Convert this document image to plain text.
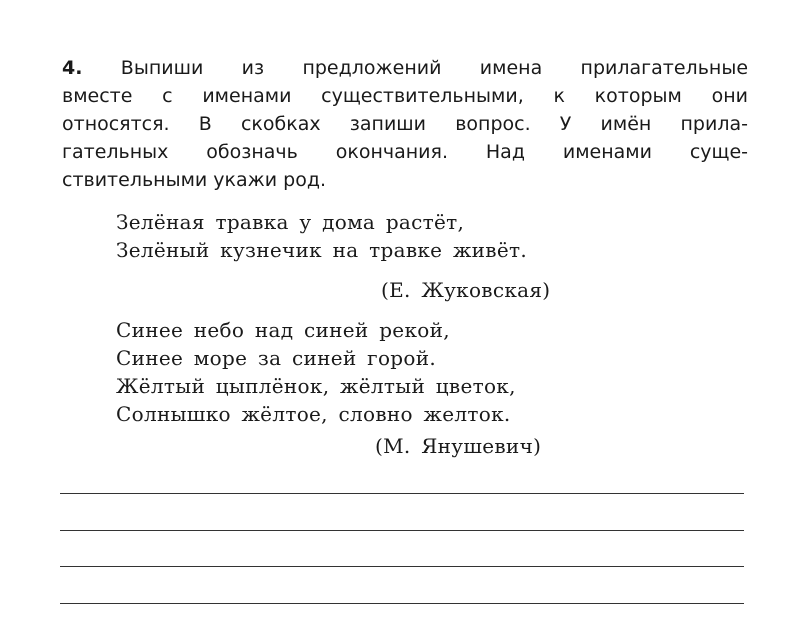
4. Выпиши из предложений имена прилагательные
вместе с именами существительными, к которым они
относятся. В скобках запиши вопрос. У имён прила-
гательных обозначь окончания. Над именами суще-
ствительными укажи род.
Зелёная травка у дома растёт,
Зелёный кузнечик на травке живёт.
(Е. Жуковская)
Синее небо над синей рекой,
Синее море за синей горой.
Жёлтый цыплёнок, жёлтый цветок,
Солнышко жёлтое, словно желток.
(М. Янушевич)
